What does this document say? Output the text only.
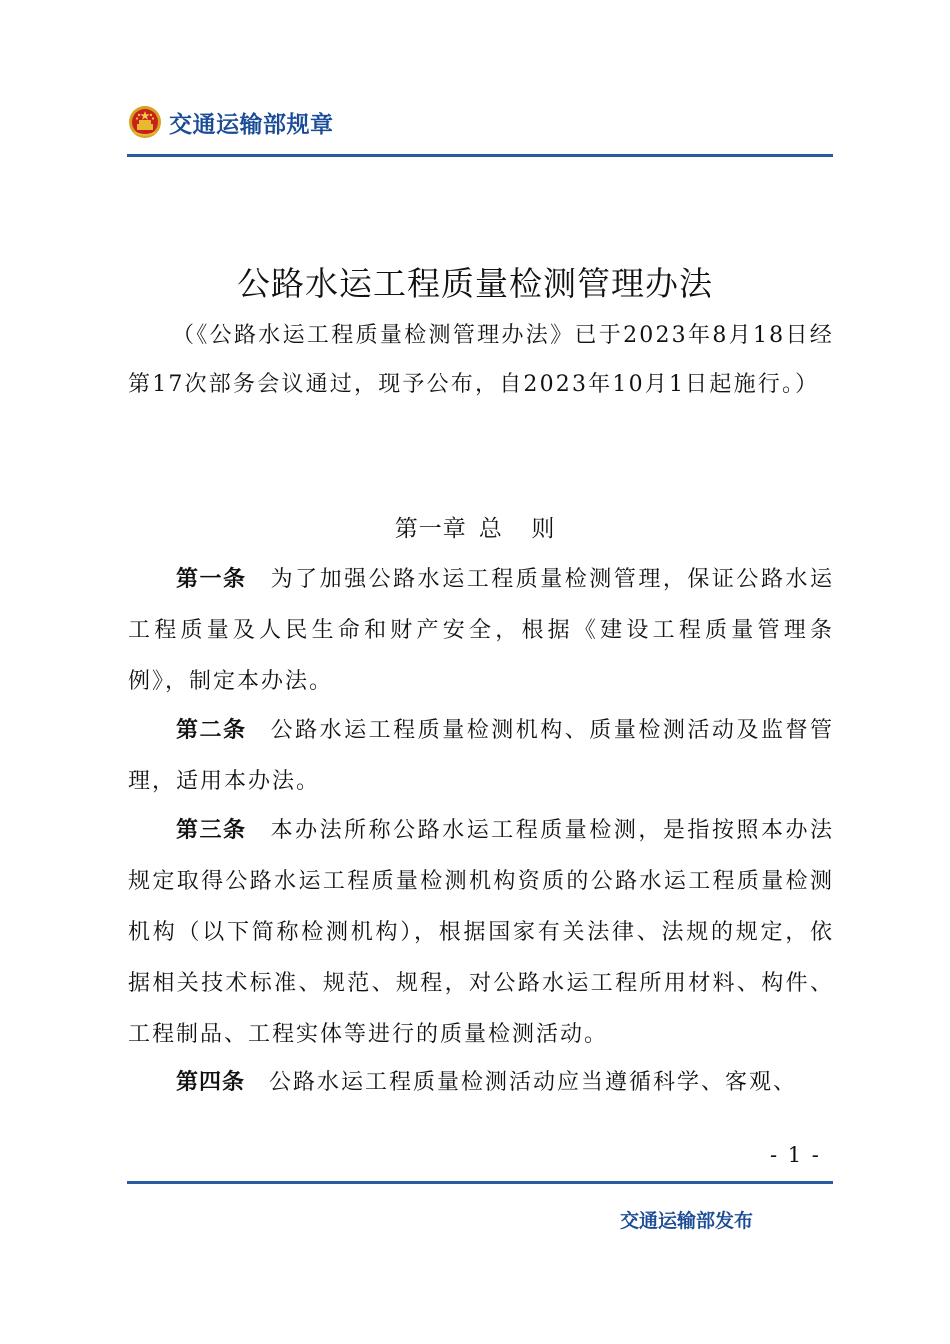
交通运输部规章
公路水运工程质量检测管理办法
（《公路水运工程质量检测管理办法》已于2023年8月18日经第17次部务会议通过，现予公布，自2023年10月1日起施行。）
第一章 总 则

第一条 为了加强公路水运工程质量检测管理，保证公路水运工程质量及人民生命和财产安全，根据《建设工程质量管理条例》，制定本办法。

第二条 公路水运工程质量检测机构、质量检测活动及监督管理，适用本办法。

第三条 本办法所称公路水运工程质量检测，是指按照本办法规定取得公路水运工程质量检测机构资质的公路水运工程质量检测机构（以下简称检测机构），根据国家有关法律、法规的规定，依据相关技术标准、规范、规程，对公路水运工程所用材料、构件、工程制品、工程实体等进行的质量检测活动。

第四条 公路水运工程质量检测活动应当遵循科学、客观、

- 1 -
交通运输部发布
